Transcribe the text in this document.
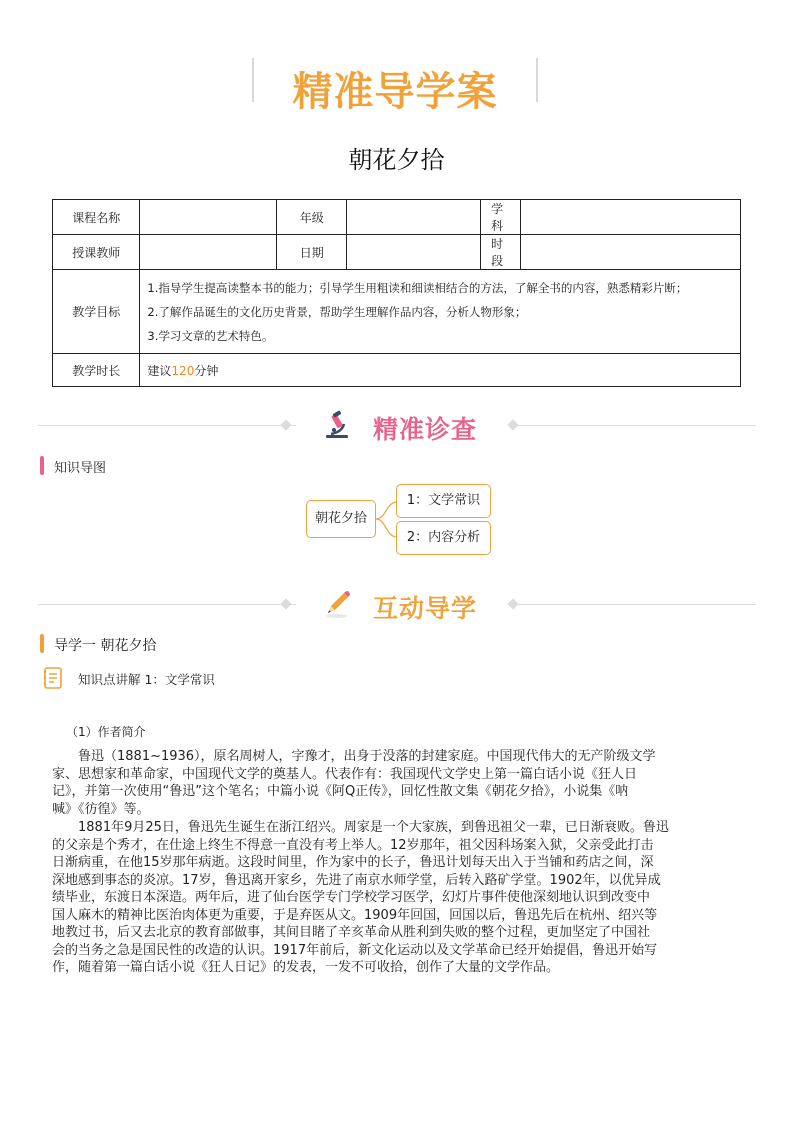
精准导学案
朝花夕拾
课程名称		年级		学科	
授课教师		日期		时段	
教学目标	1.指导学生提高读整本书的能力；引导学生用粗读和细读相结合的方法，了解全书的内容，熟悉精彩片断；
2.了解作品诞生的文化历史背景，帮助学生理解作品内容，分析人物形象；
3.学习文章的艺术特色。				

教学时长	建议120分钟				
精准诊查
知识导图
朝花夕拾
1：文学常识
2：内容分析
互动导学
导学一 朝花夕拾
知识点讲解 1：文学常识
（1）作者简介

鲁迅（1881~1936），原名周树人，字豫才，出身于没落的封建家庭。中国现代伟大的无产阶级文学

家、思想家和革命家，中国现代文学的奠基人。代表作有：我国现代文学史上第一篇白话小说《狂人日

记》，并第一次使用“鲁迅”这个笔名；中篇小说《阿Q正传》，回忆性散文集《朝花夕拾》，小说集《呐

喊》《彷徨》等。

1881年9月25日，鲁迅先生诞生在浙江绍兴。周家是一个大家族，到鲁迅祖父一辈，已日渐衰败。鲁迅

的父亲是个秀才，在仕途上终生不得意一直没有考上举人。12岁那年，祖父因科场案入狱，父亲受此打击

日渐病重，在他15岁那年病逝。这段时间里，作为家中的长子，鲁迅计划每天出入于当铺和药店之间，深

深地感到事态的炎凉。17岁，鲁迅离开家乡，先进了南京水师学堂，后转入路矿学堂。1902年，以优异成

绩毕业，东渡日本深造。两年后，进了仙台医学专门学校学习医学，幻灯片事件使他深刻地认识到改变中

国人麻木的精神比医治肉体更为重要，于是弃医从文。1909年回国，回国以后，鲁迅先后在杭州、绍兴等

地教过书，后又去北京的教育部做事，其间目睹了辛亥革命从胜利到失败的整个过程，更加坚定了中国社

会的当务之急是国民性的改造的认识。1917年前后，新文化运动以及文学革命已经开始提倡，鲁迅开始写

作，随着第一篇白话小说《狂人日记》的发表，一发不可收拾，创作了大量的文学作品。
